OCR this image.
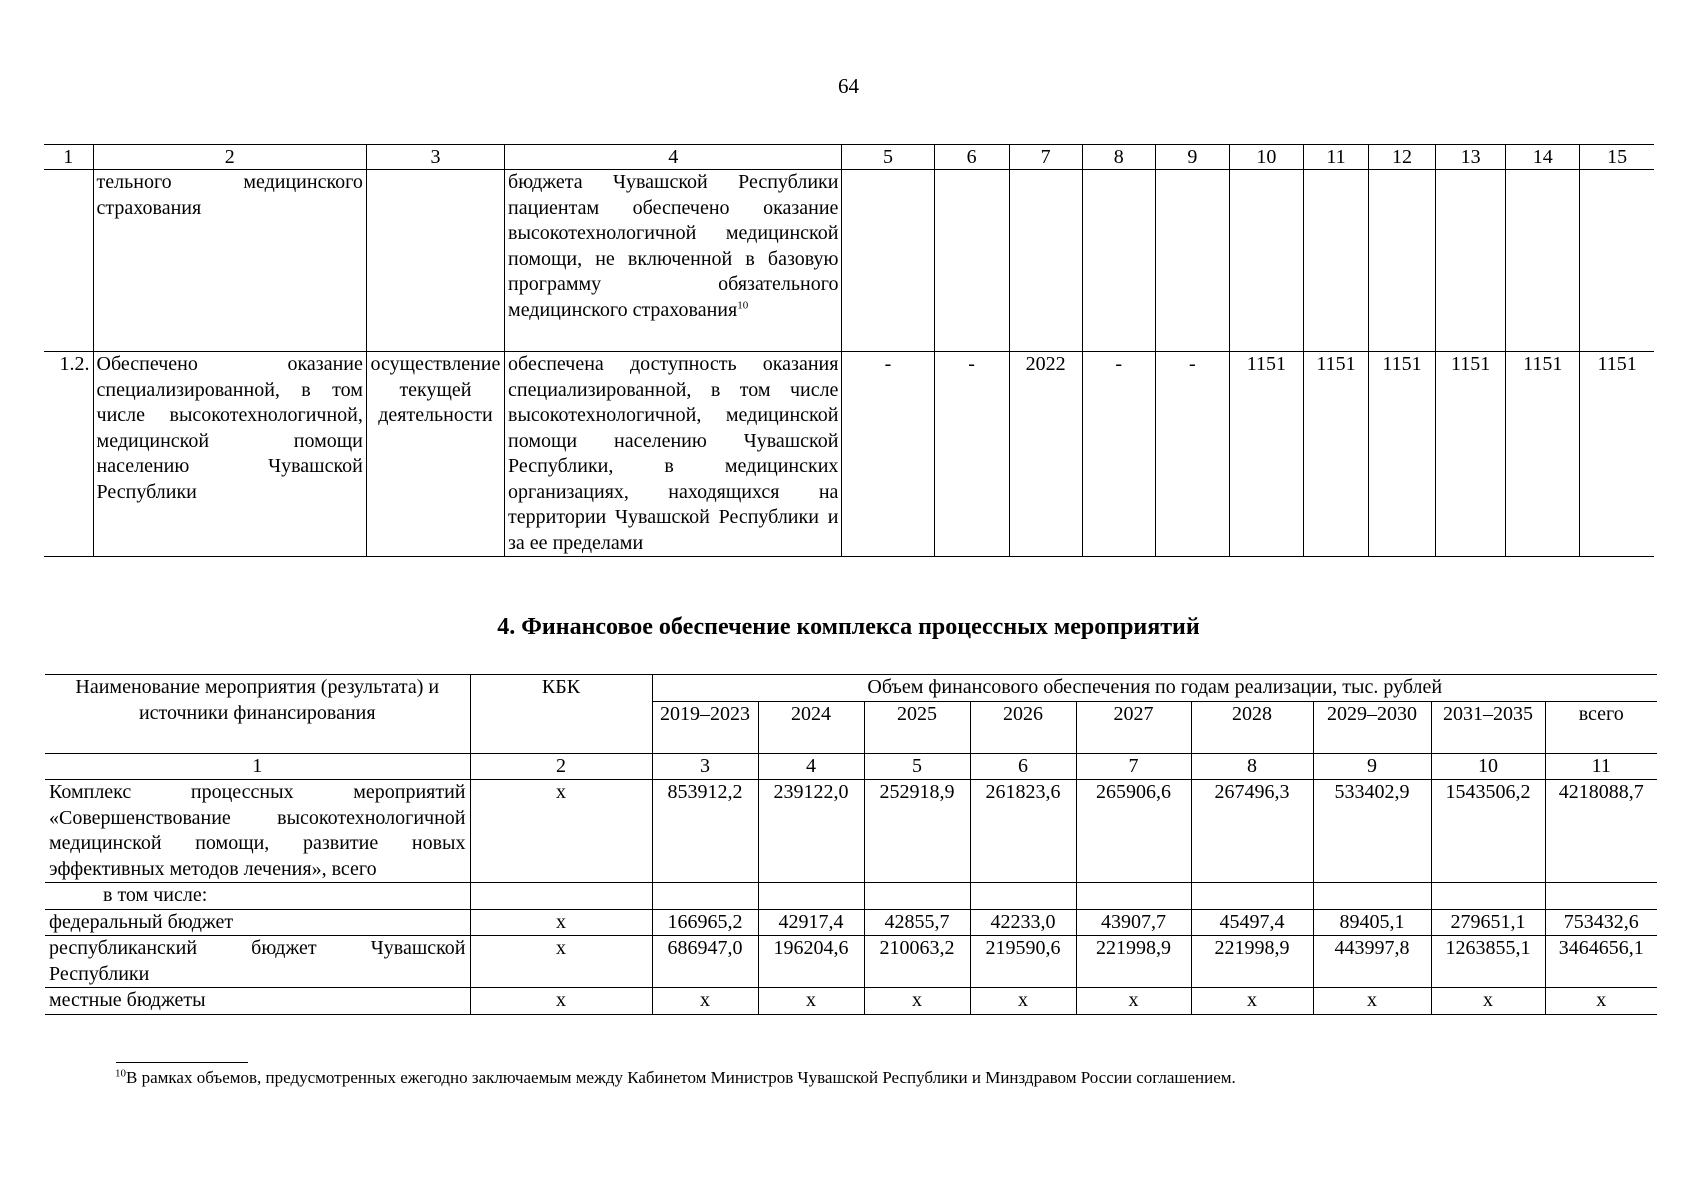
64
1	2	3	4	5	6	7	8	9	10	11	12	13	14	15
	тельного медицинского страхования		бюджета Чувашской Республики пациентам обеспечено оказание высокотехнологичной медицинской помощи, не включенной в базовую программу обязательного медицинского страхования$^{10}$											
1.2.	Обеспечено оказание специализированной, в том числе высокотехнологичной, медицинской помощи населению Чувашской Республики	осуществление текущей деятельности	обеспечена доступность оказания специализированной, в том числе высокотехнологичной, медицинской помощи населению Чувашской Республики, в медицинских организациях, находящихся на территории Чувашской Республики и за ее пределами	-	-	2022	-	-	1151	1151	1151	1151	1151	1151
4. Финансовое обеспечение комплекса процессных мероприятий
Наименование мероприятия (результата) и источники финансирования	КБК	Объем финансового обеспечения по годам реализации, тыс. рублей								
		2019–2023	2024	2025	2026	2027	2028	2029–2030	2031–2035	всего
1	2	3	4	5	6	7	8	9	10	11
Комплекс процессных мероприятий «Совершенствование высокотехнологичной медицинской помощи, развитие новых эффективных методов лечения», всего	х	853912,2	239122,0	252918,9	261823,6	265906,6	267496,3	533402,9	1543506,2	4218088,7
в том числе:										
федеральный бюджет	х	166965,2	42917,4	42855,7	42233,0	43907,7	45497,4	89405,1	279651,1	753432,6
республиканский бюджет Чувашской Республики	х	686947,0	196204,6	210063,2	219590,6	221998,9	221998,9	443997,8	1263855,1	3464656,1
местные бюджеты	х	х	х	х	х	х	х	х	х	х
$^{10}$В рамках объемов, предусмотренных ежегодно заключаемым между Кабинетом Министров Чувашской Республики и Минздравом России соглашением.
